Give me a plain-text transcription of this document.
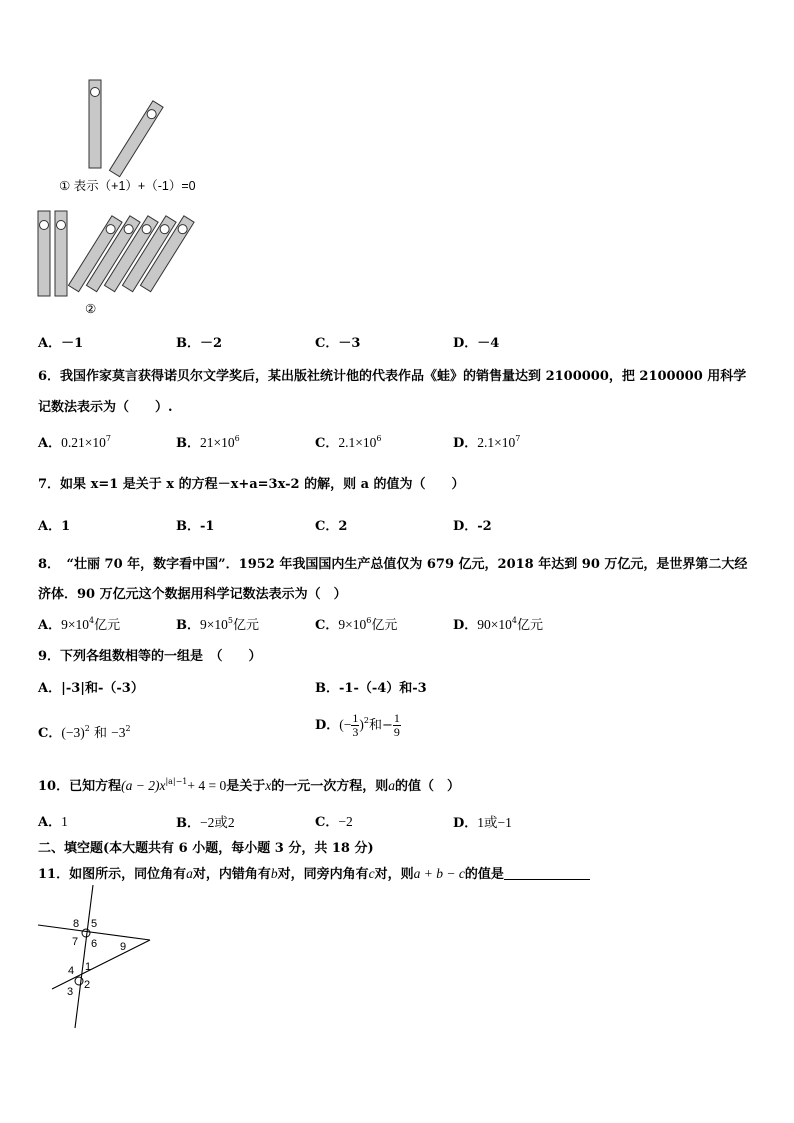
① 表示（+1）+（-1）=0
②
A．－1	B．－2	C．－3	D．－4
6．我国作家莫言获得诺贝尔文学奖后，某出版社统计他的代表作品《蛙》的销售量达到 2100000，把 2100000 用科学
记数法表示为（　　）.
A．$0.21\times 10^7$	B．$21\times 10^6$	C．$2.1\times 10^6$	D．$2.1\times 10^7$
7．如果 x=1 是关于 x 的方程－x+a=3x-2 的解，则 a 的值为（　　）
A．1	B．-1	C．2	D．-2
8．　“壮丽 70 年，数字看中国”．1952 年我国国内生产总值仅为 679 亿元，2018 年达到 90 万亿元，是世界第二大经
济体．90 万亿元这个数据用科学记数法表示为（　）
A．$9\times 10^4$亿元	B．$9\times 10^5$亿元	C．$9\times 10^6$亿元	D．$90\times 10^4$亿元
9．下列各组数相等的一组是　（　　）
A．|-3|和-（-3）	B．-1-（-4）和-3
C．$(-3)^2$ 和 $-3^2$	D．(− $\frac{1}{3} )^2$和− $\frac{1}{9}$
10．已知方程$(a - 2)x^{|a|-1}+ 4 = 0$是关于x的一元一次方程，则a的值（　）
A．1	B．−2或2	C．−2	D．1或−1
二、填空题(本大题共有 6 小题，每小题 3 分，共 18 分)
11．如图所示，同位角有a对，内错角有b对，同旁内角有c对，则a + b − c的值是
8 5
7 6 9
4 1
3
2
